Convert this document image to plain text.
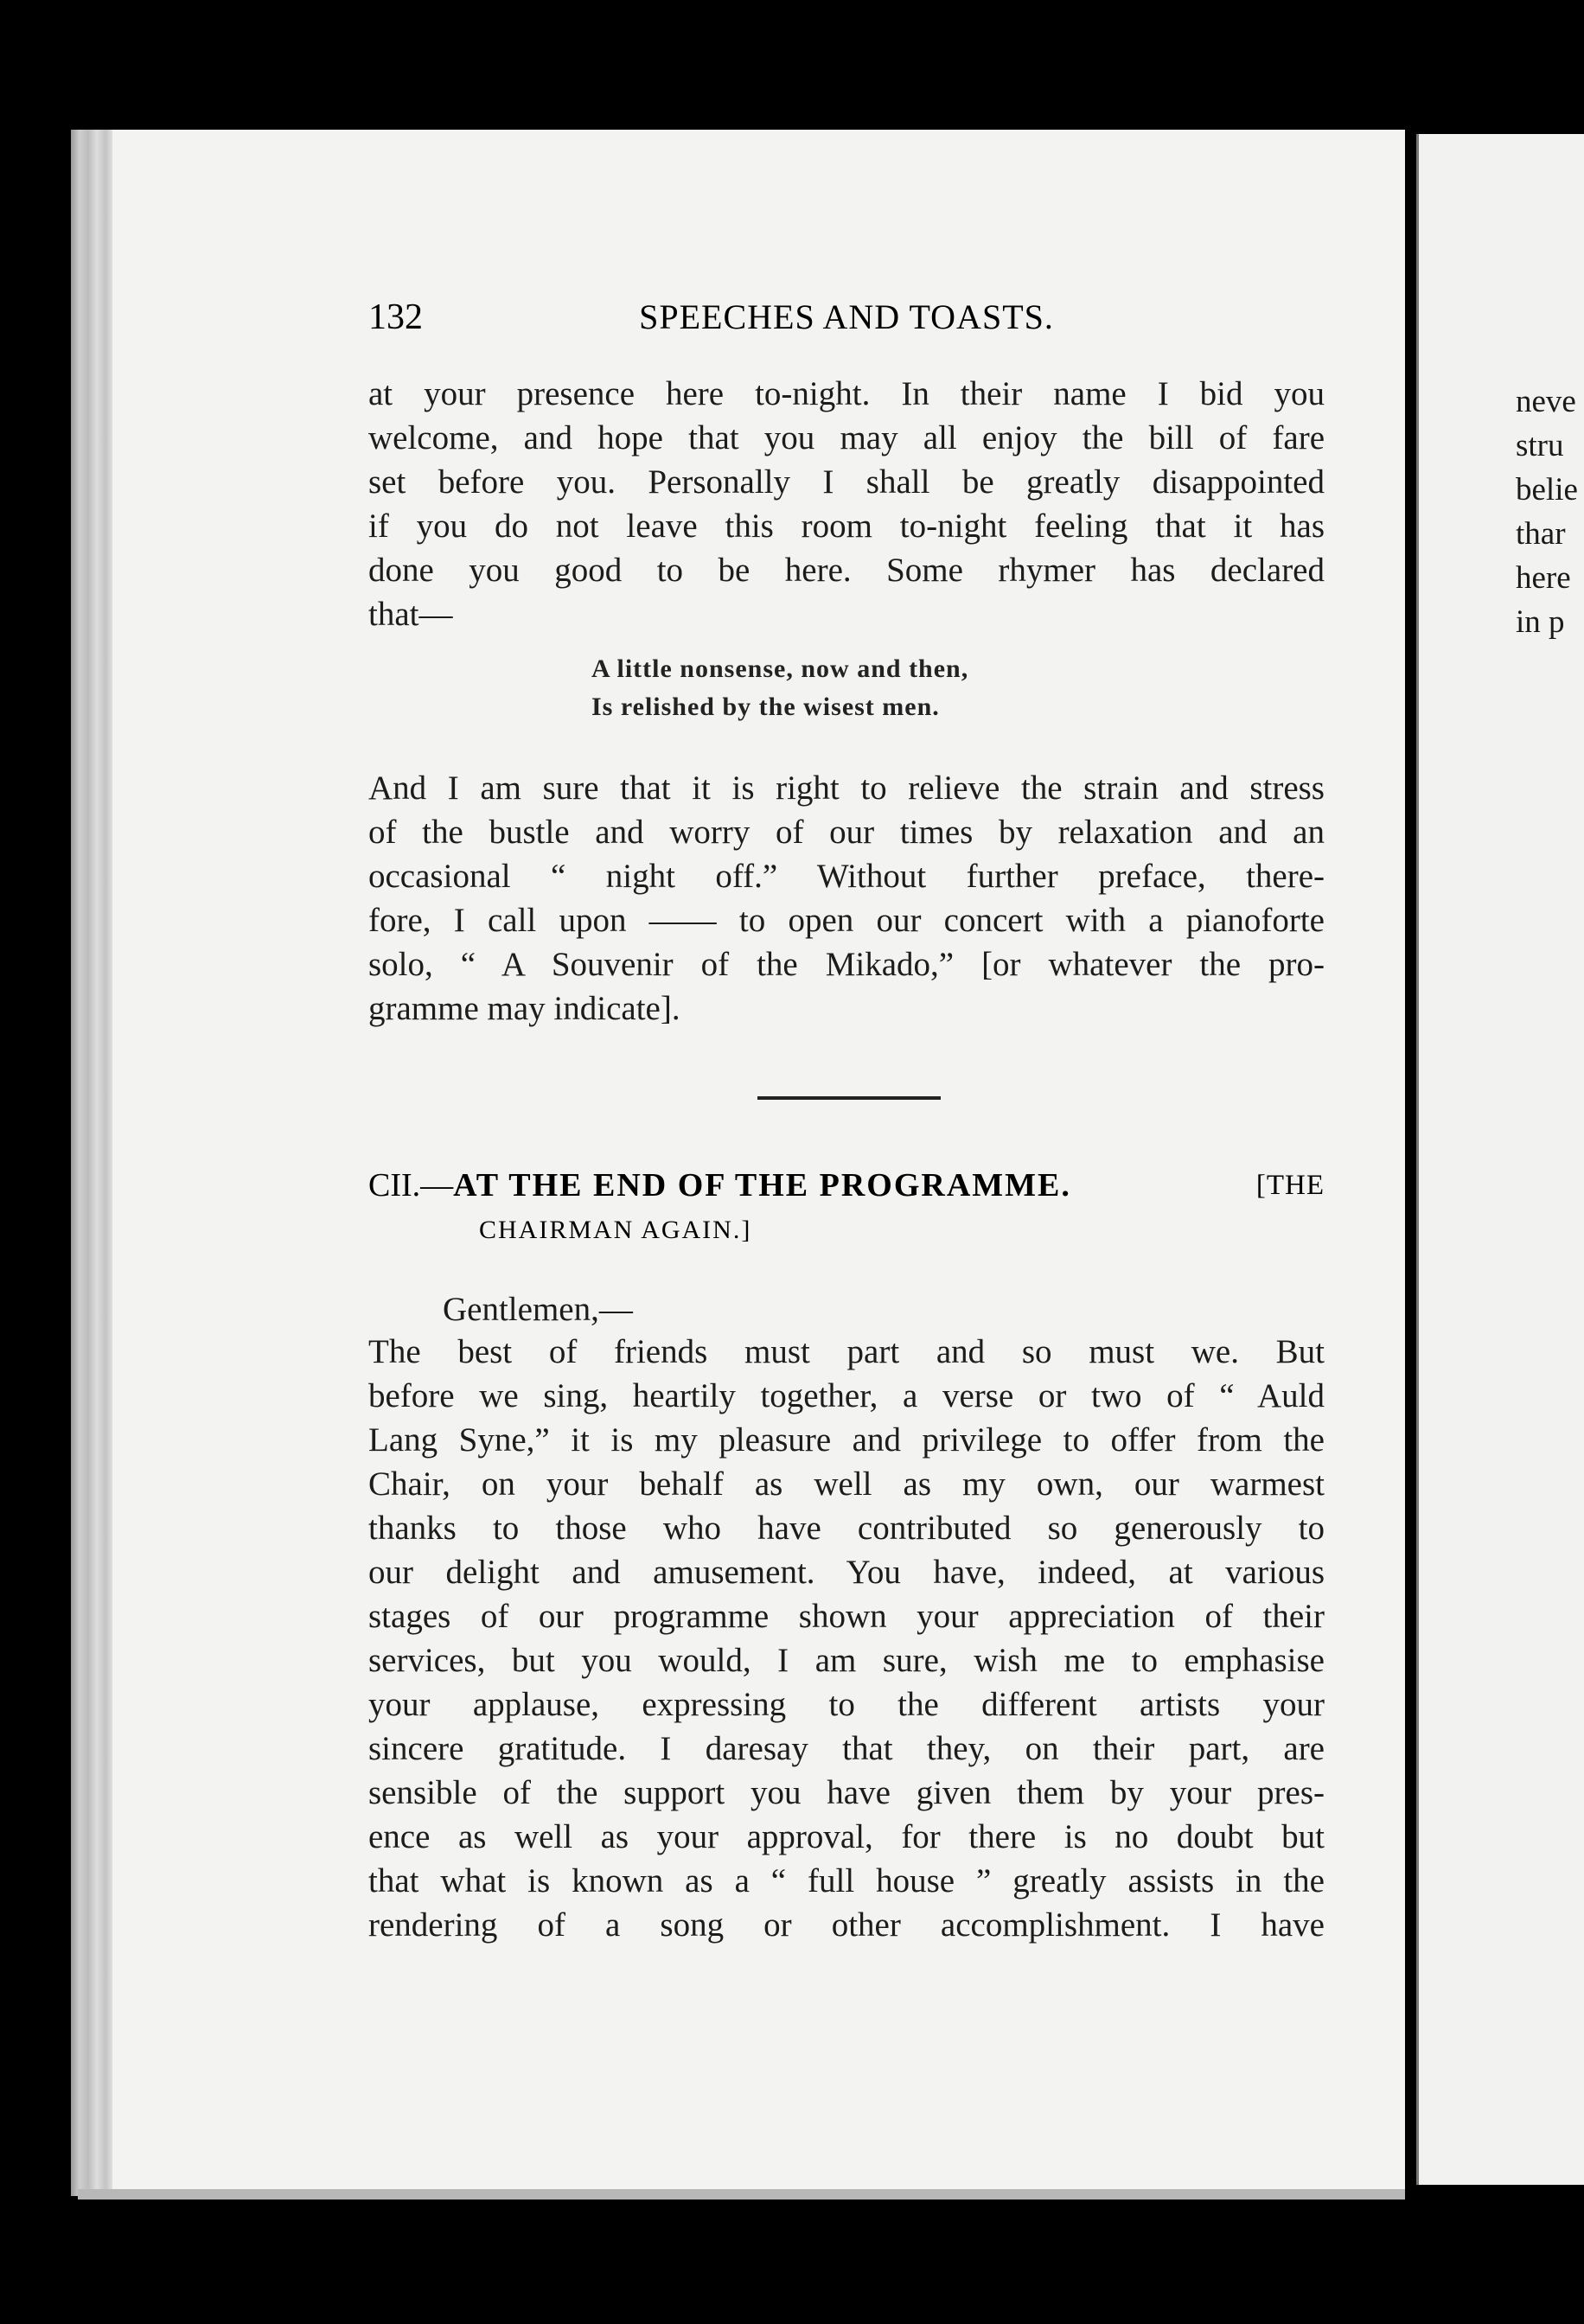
neve
stru
belie
thar
here
in p
132	SPEECHES AND TOASTS.

at your presence here to-night. In their name I bid you
welcome, and hope that you may all enjoy the bill of fare
set before you. Personally I shall be greatly disappointed
if you do not leave this room to-night feeling that it has
done you good to be here. Some rhymer has declared
that—

A little nonsense, now and then,
Is relished by the wisest men.

And I am sure that it is right to relieve the strain and stress
of the bustle and worry of our times by relaxation and an
occasional “ night off.” Without further preface, there-
fore, I call upon —— to open our concert with a pianoforte
solo, “ A Souvenir of the Mikado,” [or whatever the pro-
gramme may indicate].

CII.—AT THE END OF THE PROGRAMME.	[THE
CHAIRMAN AGAIN.]
Gentlemen,—

The best of friends must part and so must we. But
before we sing, heartily together, a verse or two of “ Auld
Lang Syne,” it is my pleasure and privilege to offer from the
Chair, on your behalf as well as my own, our warmest
thanks to those who have contributed so generously to
our delight and amusement. You have, indeed, at various
stages of our programme shown your appreciation of their
services, but you would, I am sure, wish me to emphasise
your applause, expressing to the different artists your
sincere gratitude. I daresay that they, on their part, are
sensible of the support you have given them by your pres-
ence as well as your approval, for there is no doubt but
that what is known as a “ full house ” greatly assists in the
rendering of a song or other accomplishment. I have
